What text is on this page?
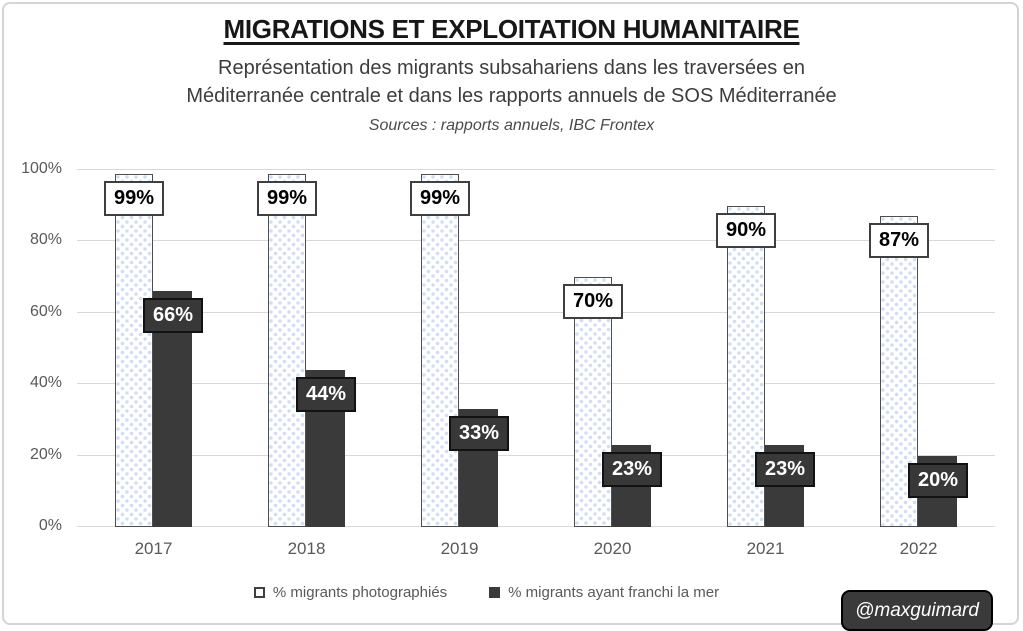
MIGRATIONS ET EXPLOITATION HUMANITAIRE
Représentation des migrants subsahariens dans les traversées en
Méditerranée centrale et dans les rapports annuels de SOS Méditerranée
Sources : rapports annuels, IBC Frontex
0%
20%
40%
60%
80%
100%
99%
66%
99%
44%
99%
33%
70%
23%
90%
23%
87%
20%
2017	2018	2019	2020	2021	2022
% migrants photographiés	% migrants ayant franchi la mer
@maxguimard
